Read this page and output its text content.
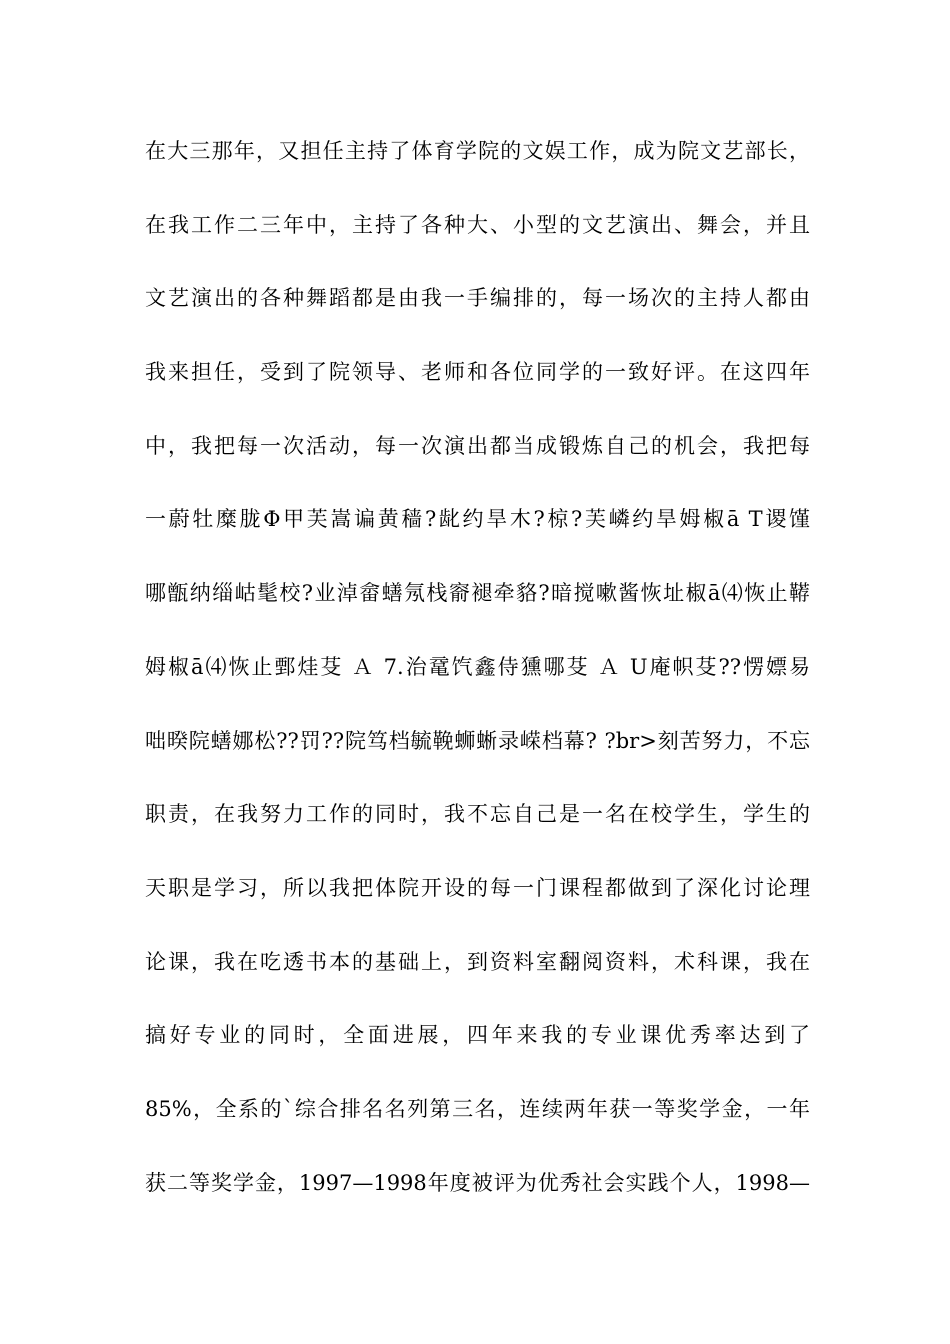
在大三那年，又担任主持了体育学院的文娱工作，成为院文艺部长，
在我工作二三年中，主持了各种大、小型的文艺演出、舞会，并且
文艺演出的各种舞蹈都是由我一手编排的，每一场次的主持人都由
我来担任，受到了院领导、老师和各位同学的一致好评。在这四年
中，我把每一次活动，每一次演出都当成锻炼自己的机会，我把每
一蔚牡糜胧Φ甲芙嵩谝黄穑?龀约旱木?椋?芙嶙约旱姆椒ā T谡馑
哪甑纳缁岵髦校?业淖畲蟮氖栈窬褪牵貉?暗搅嗽酱恢址椒ā⑷恢止鞯
姆椒ā⑷恢止鄄烓芟 Ａ 7.治鼋饩鑫侍獯哪芟 Ａ U庵帜芟??愣嫖易
咄暌院蟮娜松??罚??院笃档毓鞔蛳蜥录嵘档幕? ?br>刻苦努力，不忘
职责，在我努力工作的同时，我不忘自己是一名在校学生，学生的
天职是学习，所以我把体院开设的每一门课程都做到了深化讨论理
论课，我在吃透书本的基础上，到资料室翻阅资料，术科课，我在
搞好专业的同时，全面进展，四年来我的专业课优秀率达到了
85%，全系的`综合排名名列第三名，连续两年获一等奖学金，一年
获二等奖学金，1997—1998年度被评为优秀社会实践个人，1998—
